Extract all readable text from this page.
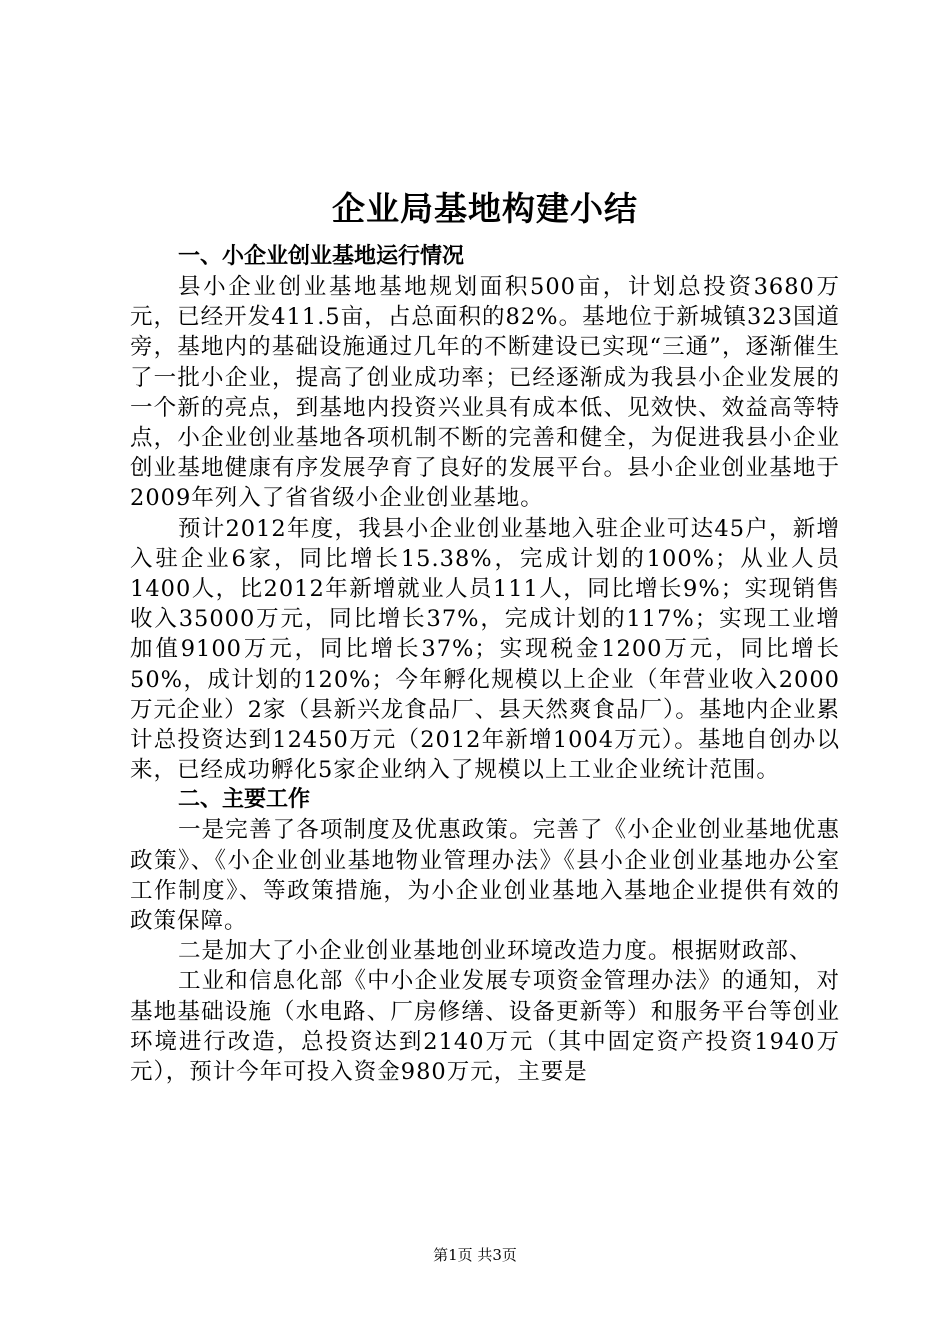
企业局基地构建小结
一、小企业创业基地运行情况

县小企业创业基地基地规划面积500亩，计划总投资3680万元，已经开发411.5亩，占总面积的82%。基地位于新城镇323国道旁，基地内的基础设施通过几年的不断建设已实现“三通”，逐渐催生了一批小企业，提高了创业成功率；已经逐渐成为我县小企业发展的一个新的亮点，到基地内投资兴业具有成本低、见效快、效益高等特点，小企业创业基地各项机制不断的完善和健全，为促进我县小企业创业基地健康有序发展孕育了良好的发展平台。县小企业创业基地于2009年列入了省省级小企业创业基地。

预计2012年度，我县小企业创业基地入驻企业可达45户，新增入驻企业6家，同比增长15.38%，完成计划的100%；从业人员1400人，比2012年新增就业人员111人，同比增长9%；实现销售收入35000万元，同比增长37%，完成计划的117%；实现工业增加值9100万元，同比增长37%；实现税金1200万元，同比增长50%，成计划的120%；今年孵化规模以上企业（年营业收入2000万元企业）2家（县新兴龙食品厂、县天然爽食品厂）。基地内企业累计总投资达到12450万元（2012年新增1004万元）。基地自创办以来，已经成功孵化5家企业纳入了规模以上工业企业统计范围。

二、主要工作

一是完善了各项制度及优惠政策。完善了《小企业创业基地优惠政策》、《小企业创业基地物业管理办法》《县小企业创业基地办公室工作制度》、等政策措施，为小企业创业基地入基地企业提供有效的政策保障。

二是加大了小企业创业基地创业环境改造力度。根据财政部、

工业和信息化部《中小企业发展专项资金管理办法》的通知，对基地基础设施（水电路、厂房修缮、设备更新等）和服务平台等创业环境进行改造，总投资达到2140万元（其中固定资产投资1940万元），预计今年可投入资金980万元，主要是

第1页 共3页
